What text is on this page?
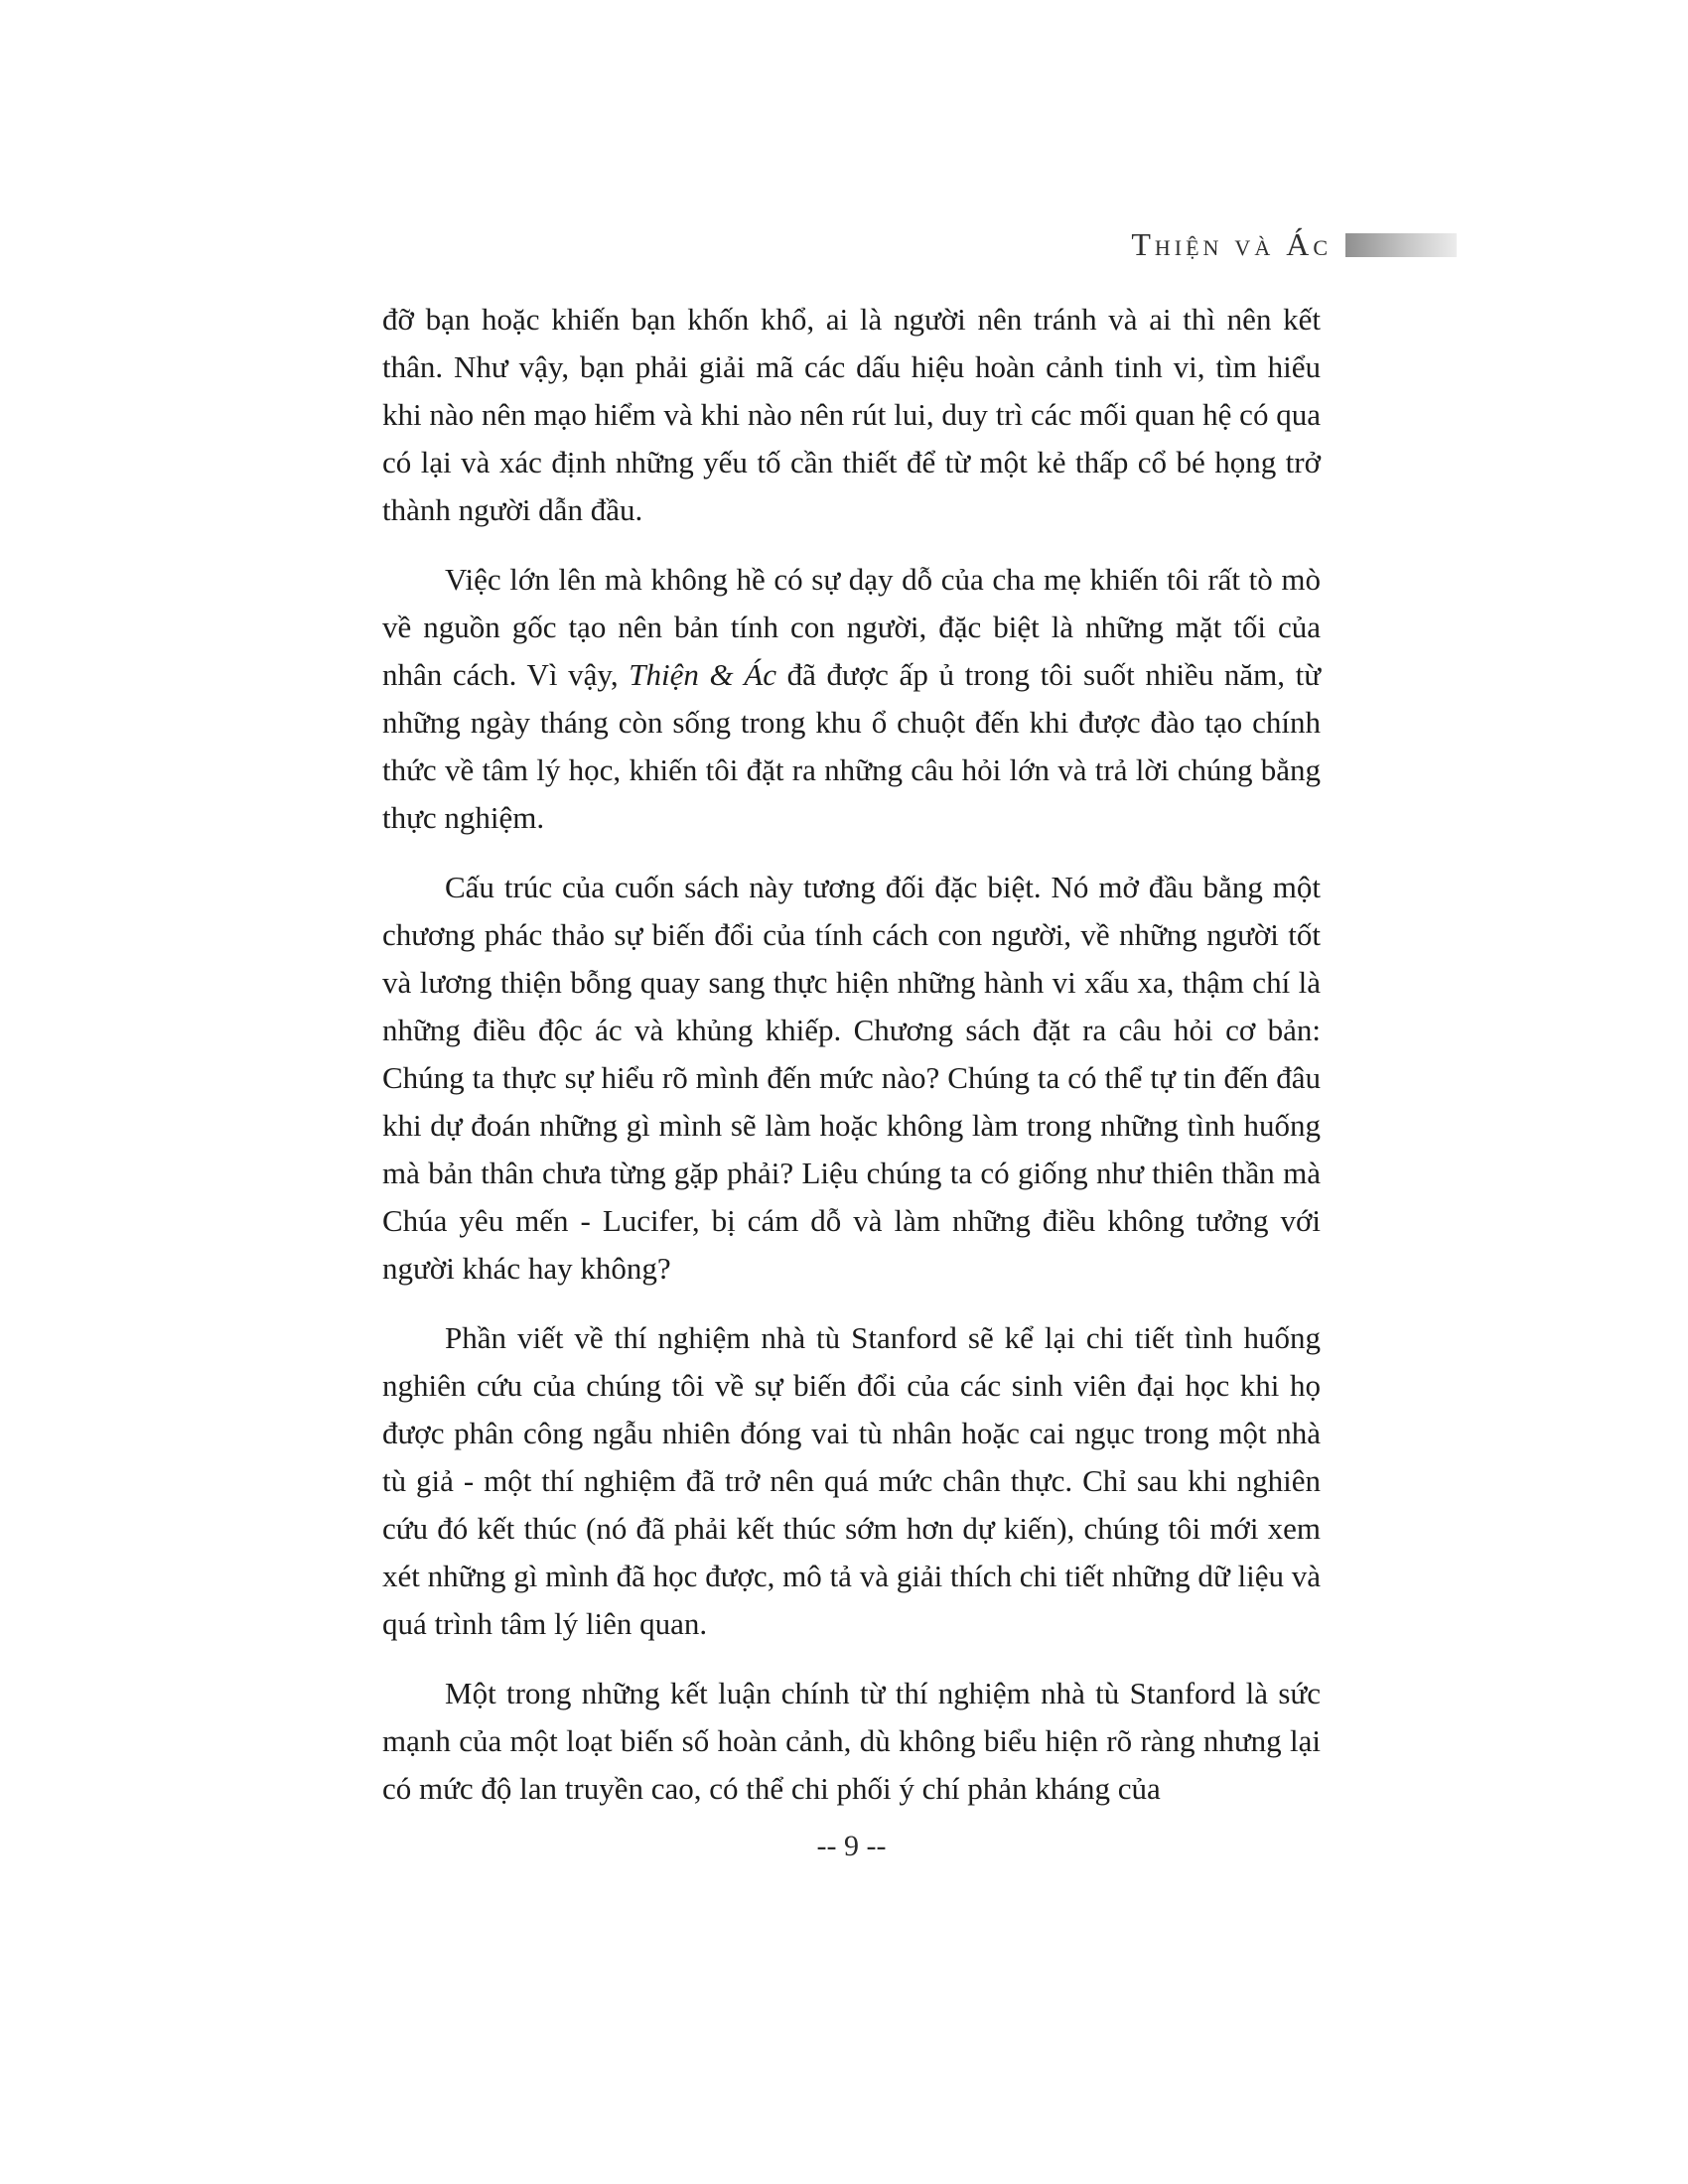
Thiện và Ác

đỡ bạn hoặc khiến bạn khốn khổ, ai là người nên tránh và ai thì nên kết thân. Như vậy, bạn phải giải mã các dấu hiệu hoàn cảnh tinh vi, tìm hiểu khi nào nên mạo hiểm và khi nào nên rút lui, duy trì các mối quan hệ có qua có lại và xác định những yếu tố cần thiết để từ một kẻ thấp cổ bé họng trở thành người dẫn đầu.

Việc lớn lên mà không hề có sự dạy dỗ của cha mẹ khiến tôi rất tò mò về nguồn gốc tạo nên bản tính con người, đặc biệt là những mặt tối của nhân cách. Vì vậy, Thiện & Ác đã được ấp ủ trong tôi suốt nhiều năm, từ những ngày tháng còn sống trong khu ổ chuột đến khi được đào tạo chính thức về tâm lý học, khiến tôi đặt ra những câu hỏi lớn và trả lời chúng bằng thực nghiệm.

Cấu trúc của cuốn sách này tương đối đặc biệt. Nó mở đầu bằng một chương phác thảo sự biến đổi của tính cách con người, về những người tốt và lương thiện bỗng quay sang thực hiện những hành vi xấu xa, thậm chí là những điều độc ác và khủng khiếp. Chương sách đặt ra câu hỏi cơ bản: Chúng ta thực sự hiểu rõ mình đến mức nào? Chúng ta có thể tự tin đến đâu khi dự đoán những gì mình sẽ làm hoặc không làm trong những tình huống mà bản thân chưa từng gặp phải? Liệu chúng ta có giống như thiên thần mà Chúa yêu mến - Lucifer, bị cám dỗ và làm những điều không tưởng với người khác hay không?

Phần viết về thí nghiệm nhà tù Stanford sẽ kể lại chi tiết tình huống nghiên cứu của chúng tôi về sự biến đổi của các sinh viên đại học khi họ được phân công ngẫu nhiên đóng vai tù nhân hoặc cai ngục trong một nhà tù giả - một thí nghiệm đã trở nên quá mức chân thực. Chỉ sau khi nghiên cứu đó kết thúc (nó đã phải kết thúc sớm hơn dự kiến), chúng tôi mới xem xét những gì mình đã học được, mô tả và giải thích chi tiết những dữ liệu và quá trình tâm lý liên quan.

Một trong những kết luận chính từ thí nghiệm nhà tù Stanford là sức mạnh của một loạt biến số hoàn cảnh, dù không biểu hiện rõ ràng nhưng lại có mức độ lan truyền cao, có thể chi phối ý chí phản kháng của

-- 9 --
